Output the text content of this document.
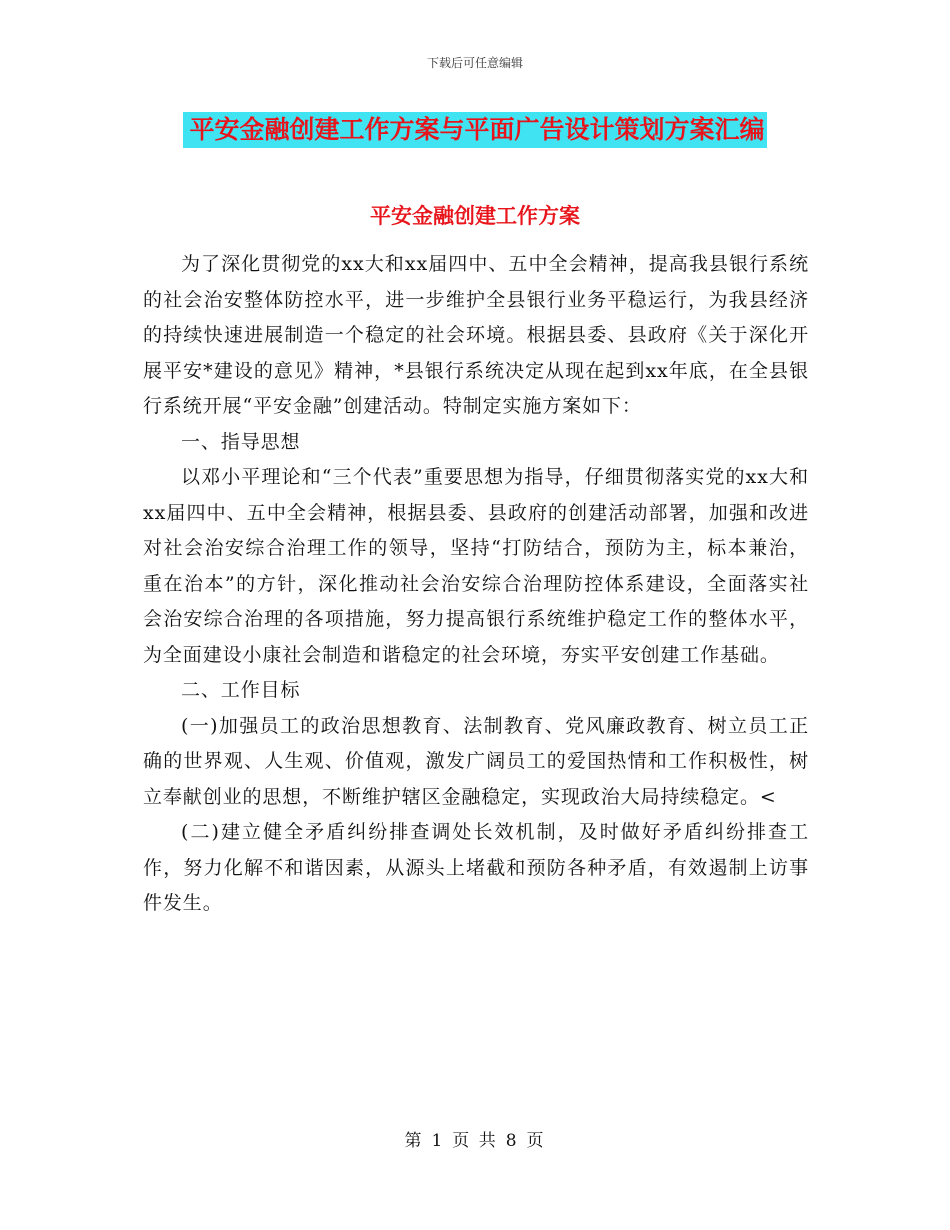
下载后可任意编辑
平安金融创建工作方案与平面广告设计策划方案汇编
平安金融创建工作方案

为了深化贯彻党的xx大和xx届四中、五中全会精神，提高我县银行系统的社会治安整体防控水平，进一步维护全县银行业务平稳运行，为我县经济的持续快速进展制造一个稳定的社会环境。根据县委、县政府《关于深化开展平安*建设的意见》精神，*县银行系统决定从现在起到xx年底，在全县银行系统开展“平安金融”创建活动。特制定实施方案如下：

一、指导思想

以邓小平理论和“三个代表”重要思想为指导，仔细贯彻落实党的xx大和xx届四中、五中全会精神，根据县委、县政府的创建活动部署，加强和改进对社会治安综合治理工作的领导，坚持“打防结合，预防为主，标本兼治，重在治本”的方针，深化推动社会治安综合治理防控体系建设，全面落实社会治安综合治理的各项措施，努力提高银行系统维护稳定工作的整体水平，为全面建设小康社会制造和谐稳定的社会环境，夯实平安创建工作基础。

二、工作目标

(一)加强员工的政治思想教育、法制教育、党风廉政教育、树立员工正确的世界观、人生观、价值观，激发广阔员工的爱国热情和工作积极性，树立奉献创业的思想，不断维护辖区金融稳定，实现政治大局持续稳定。<

(二)建立健全矛盾纠纷排查调处长效机制，及时做好矛盾纠纷排查工作，努力化解不和谐因素，从源头上堵截和预防各种矛盾，有效遏制上访事件发生。

第 1 页 共 8 页
